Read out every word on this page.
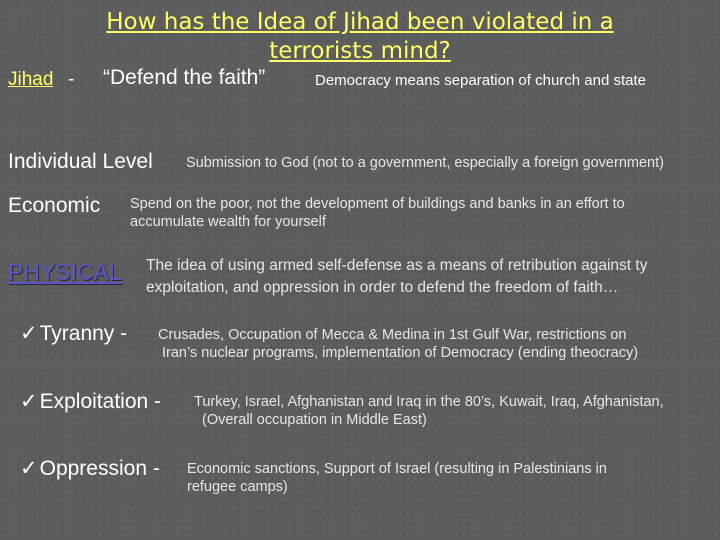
How has the Idea of Jihad been violated in a terrorists mind?
Jihad - “Defend the faith”	Democracy means separation of church and state
Individual Level Submission to God (not to a government, especially a foreign government)
Economic Spend on the poor, not the development of buildings and banks in an effort to
accumulate wealth for yourself
PHYSICAL The idea of using armed self-defense as a means of retribution against ty
exploitation, and oppression in order to defend the freedom of faith…
✓Tyranny - Crusades, Occupation of Mecca & Medina in 1st Gulf War, restrictions on
Iran’s nuclear programs, implementation of Democracy (ending theocracy)
✓Exploitation - Turkey, Israel, Afghanistan and Iraq in the 80’s, Kuwait, Iraq, Afghanistan,
(Overall occupation in Middle East)
✓Oppression - Economic sanctions, Support of Israel (resulting in Palestinians in
refugee camps)
